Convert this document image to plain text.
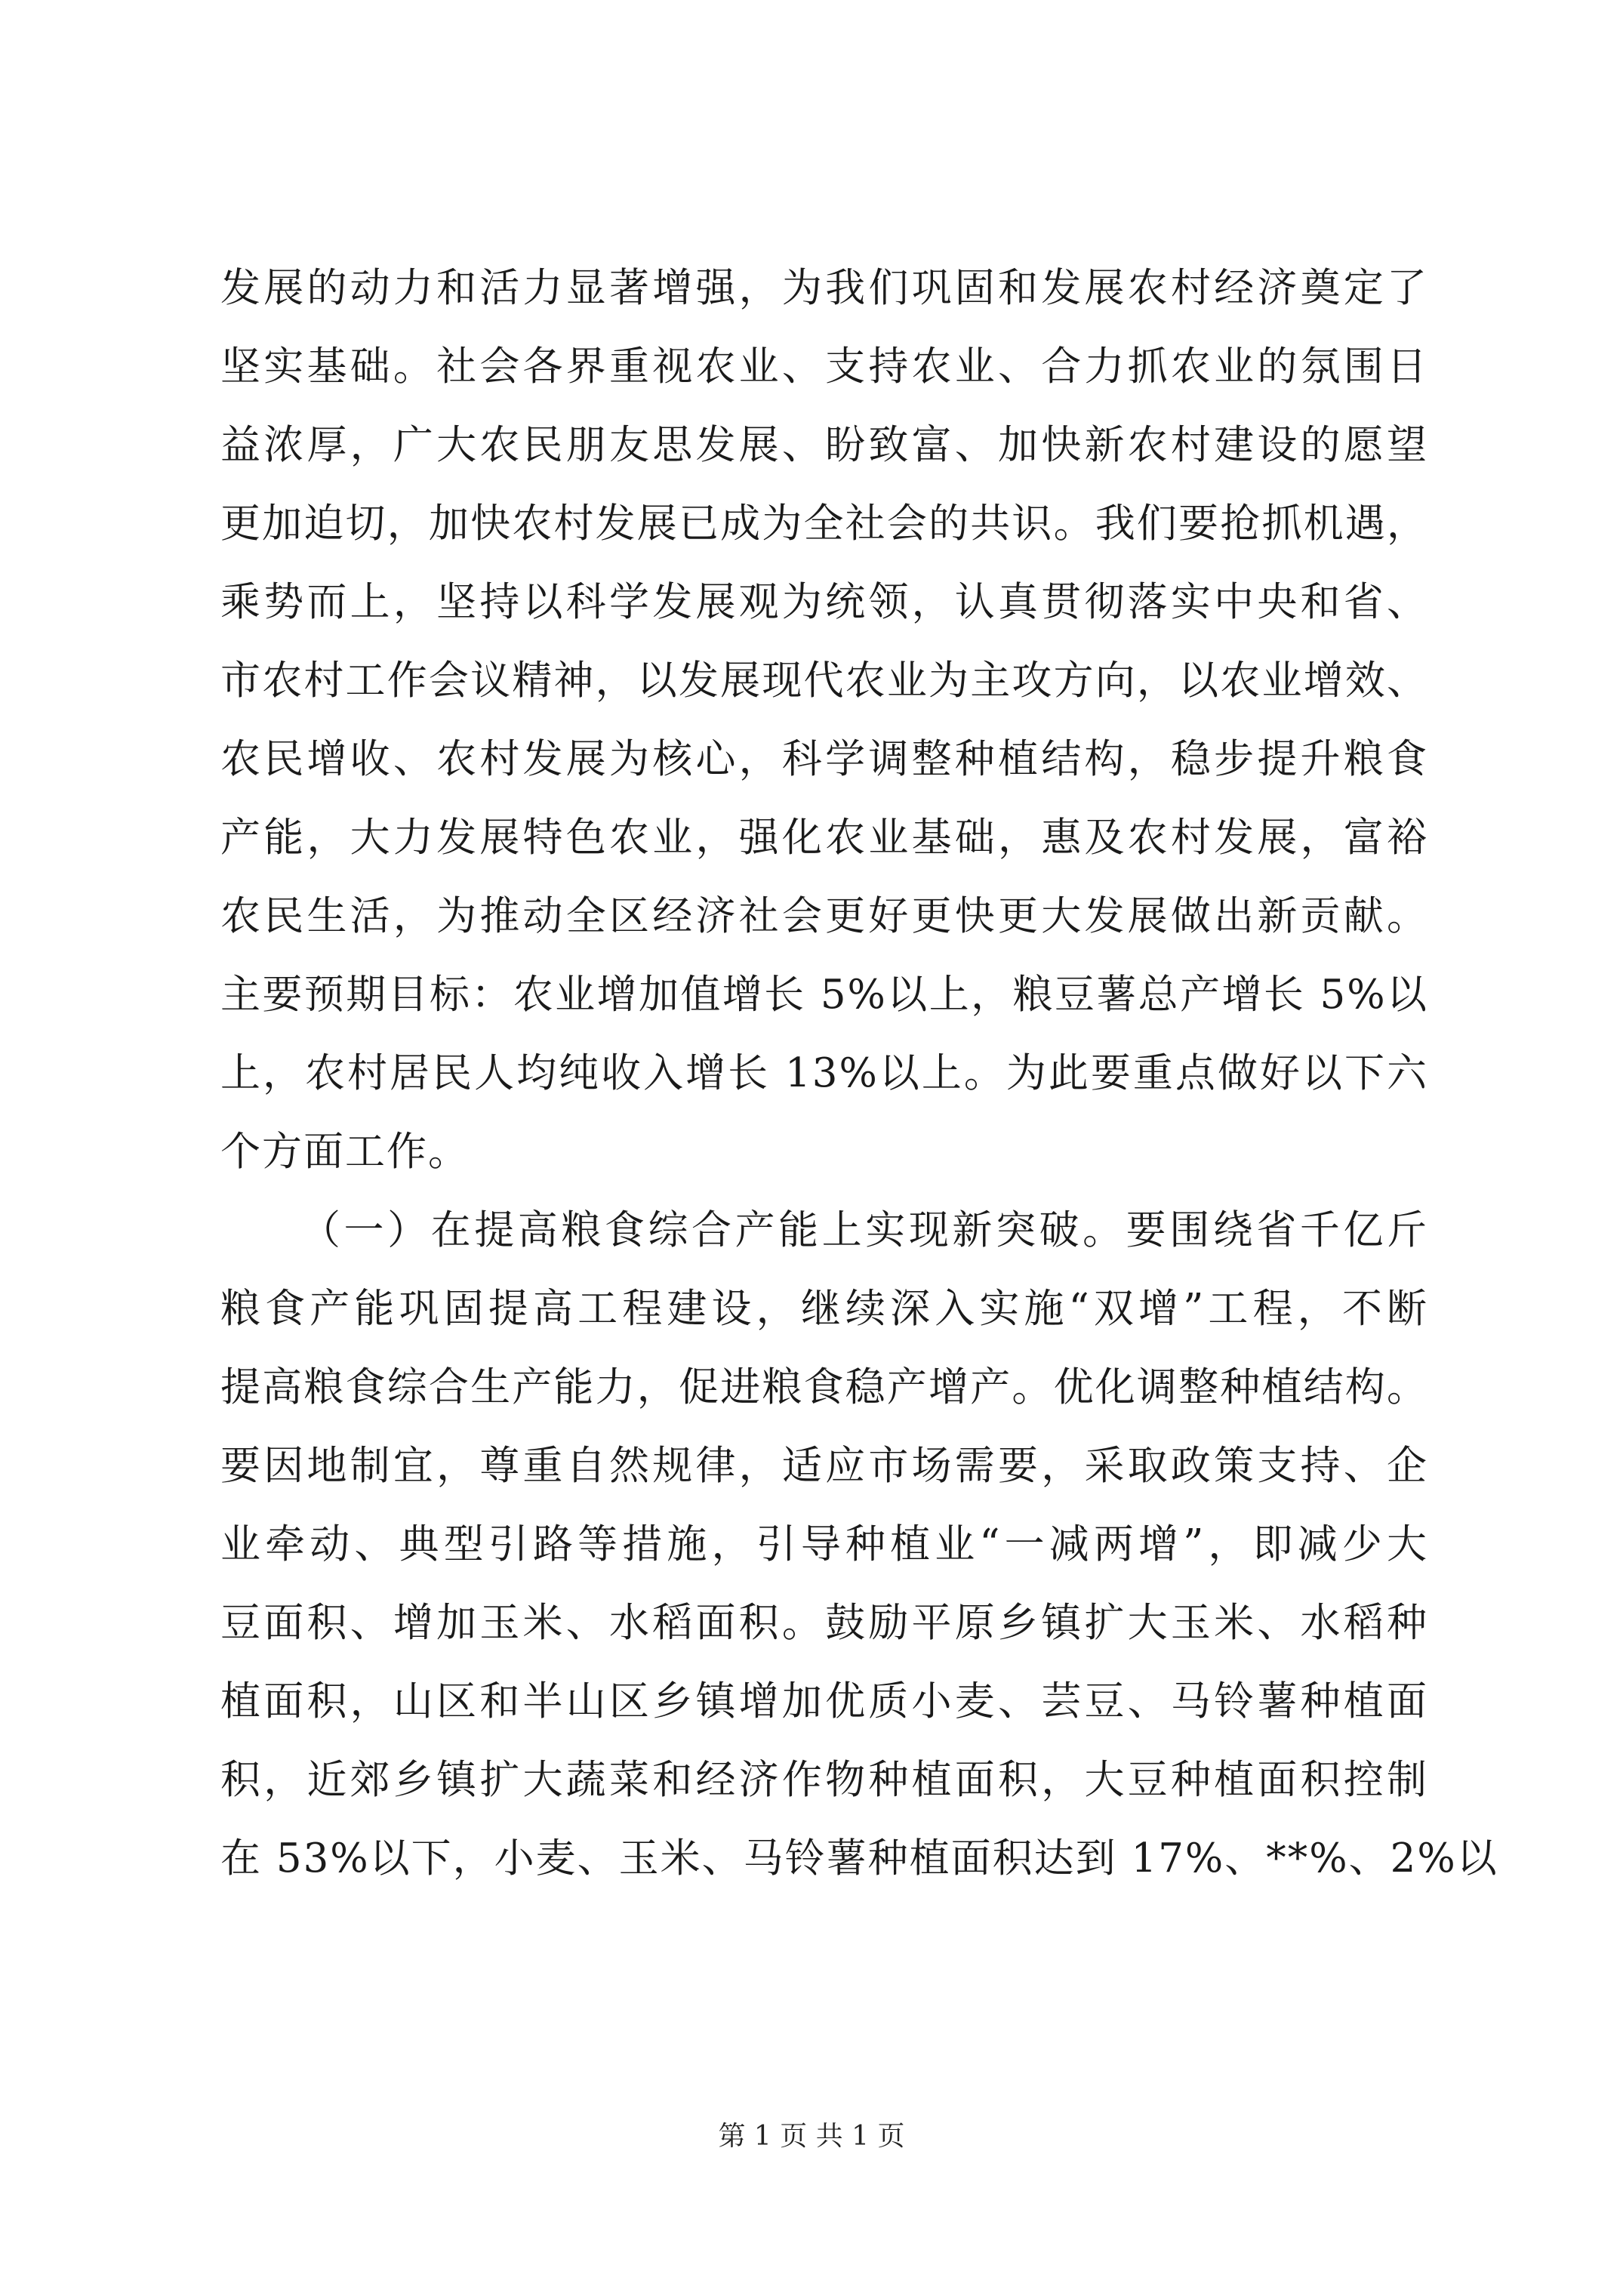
发展的动力和活力显著增强，为我们巩固和发展农村经济奠定了
坚实基础。社会各界重视农业、支持农业、合力抓农业的氛围日
益浓厚，广大农民朋友思发展、盼致富、加快新农村建设的愿望
更加迫切，加快农村发展已成为全社会的共识。我们要抢抓机遇，
乘势而上，坚持以科学发展观为统领，认真贯彻落实中央和省、
市农村工作会议精神，以发展现代农业为主攻方向，以农业增效、
农民增收、农村发展为核心，科学调整种植结构，稳步提升粮食
产能，大力发展特色农业，强化农业基础，惠及农村发展，富裕
农民生活，为推动全区经济社会更好更快更大发展做出新贡献。
主要预期目标：农业增加值增长 5%以上，粮豆薯总产增长 5%以
上，农村居民人均纯收入增长 13%以上。为此要重点做好以下六
个方面工作。
（一）在提高粮食综合产能上实现新突破。要围绕省千亿斤
粮食产能巩固提高工程建设，继续深入实施“双增”工程，不断
提高粮食综合生产能力，促进粮食稳产增产。优化调整种植结构。
要因地制宜，尊重自然规律，适应市场需要，采取政策支持、企
业牵动、典型引路等措施，引导种植业“一减两增”，即减少大
豆面积、增加玉米、水稻面积。鼓励平原乡镇扩大玉米、水稻种
植面积，山区和半山区乡镇增加优质小麦、芸豆、马铃薯种植面
积，近郊乡镇扩大蔬菜和经济作物种植面积，大豆种植面积控制
在 53%以下，小麦、玉米、马铃薯种植面积达到 17%、**%、2%以
第 1 页 共 1 页
